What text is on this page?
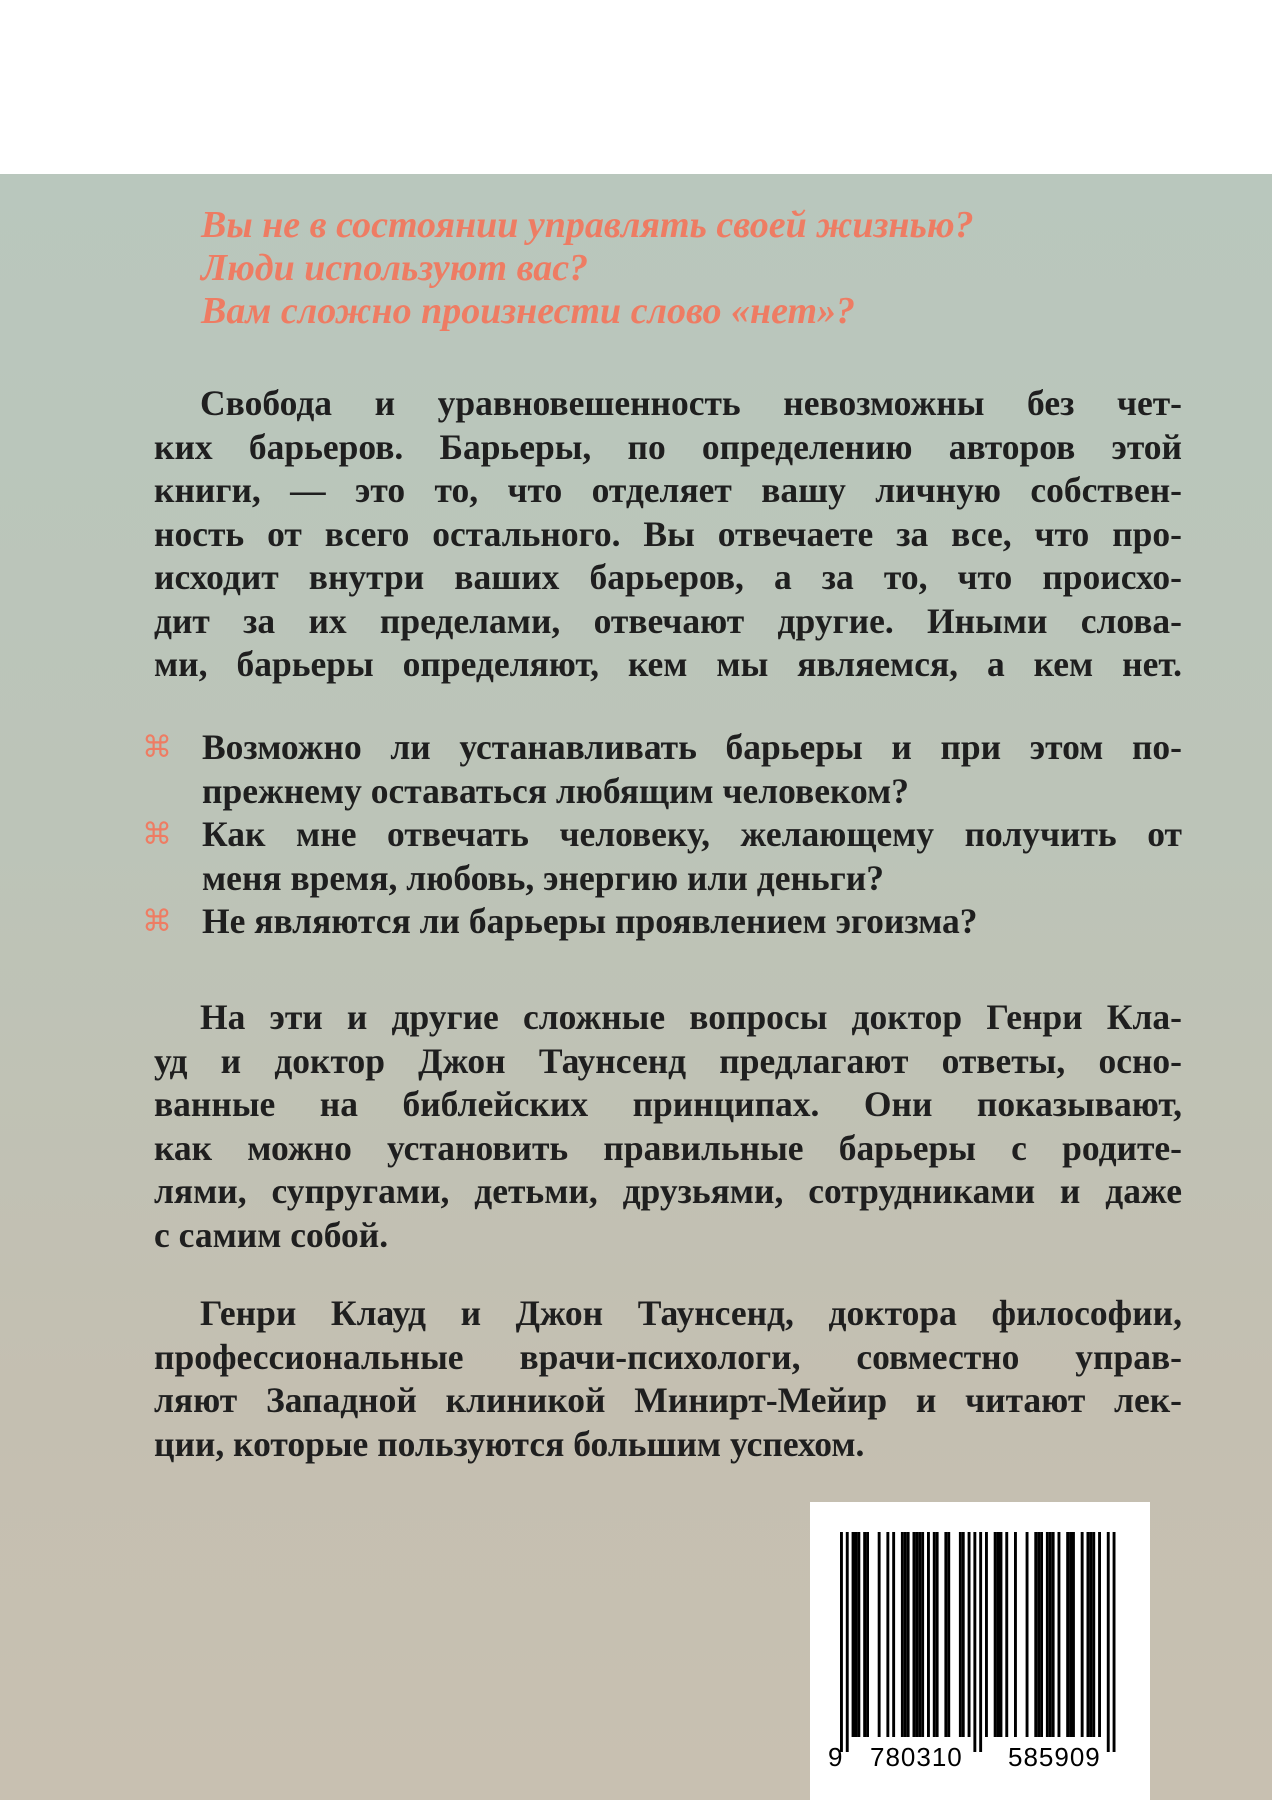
Вы не в состоянии управлять своей жизнью?
Люди используют вас?
Вам сложно произнести слово «нет»?
Свобода и уравновешенность невозможны без чет-
ких барьеров. Барьеры, по определению авторов этой
книги, — это то, что отделяет вашу личную собствен-
ность от всего остального. Вы отвечаете за все, что про-
исходит внутри ваших барьеров, а за то, что происхо-
дит за их пределами, отвечают другие. Иными слова-
ми, барьеры определяют, кем мы являемся, а кем нет.
⌘ Возможно ли устанавливать барьеры и при этом по-
прежнему оставаться любящим человеком?
⌘ Как мне отвечать человеку, желающему получить от
меня время, любовь, энергию или деньги?
⌘ Не являются ли барьеры проявлением эгоизма?
На эти и другие сложные вопросы доктор Генри Кла-
уд и доктор Джон Таунсенд предлагают ответы, осно-
ванные на библейских принципах. Они показывают,
как можно установить правильные барьеры с родите-
лями, супругами, детьми, друзьями, сотрудниками и даже
с самим собой.
Генри Клауд и Джон Таунсенд, доктора философии,
профессиональные врачи-психологи, совместно управ-
ляют Западной клиникой Минирт-Мейир и читают лек-
ции, которые пользуются большим успехом.
9 780310 585909
